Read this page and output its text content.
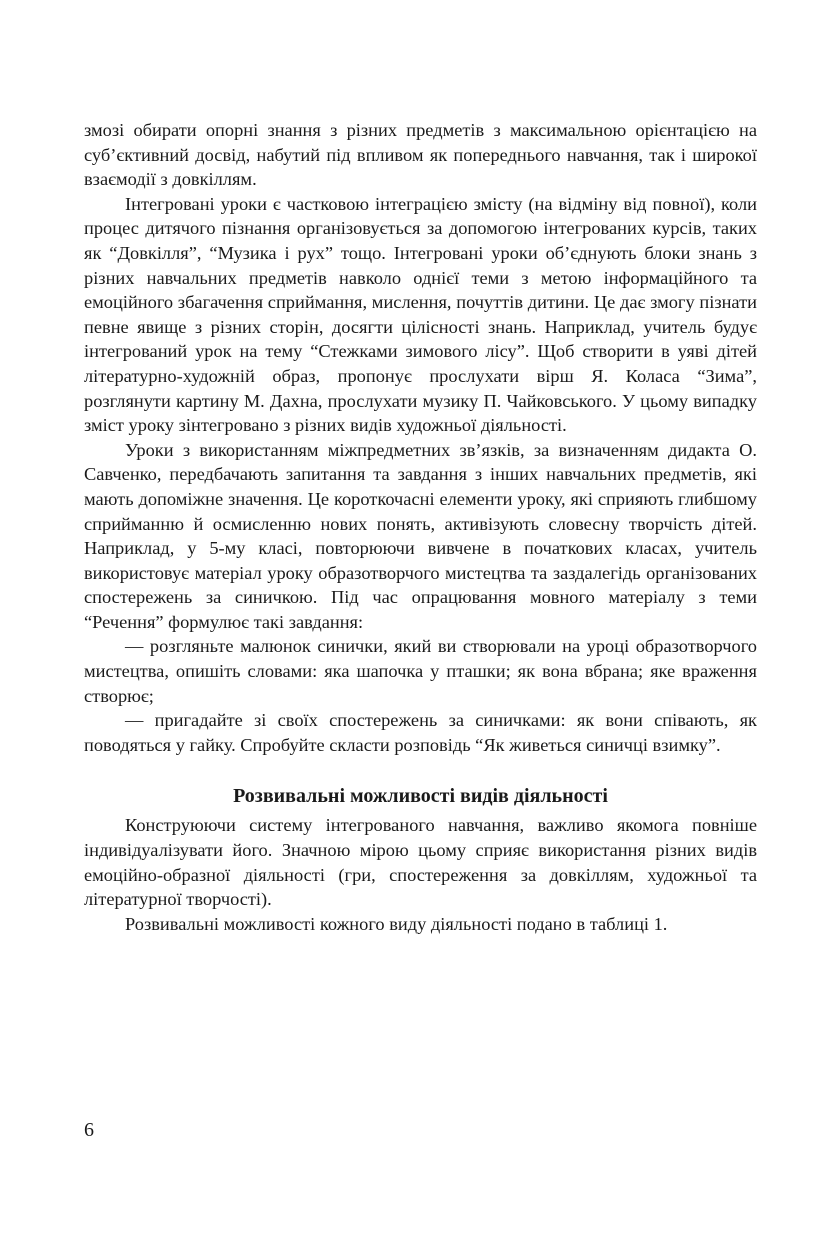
змозі обирати опорні знання з різних предметів з максимальною орієнтацією на суб’єктивний досвід, набутий під впливом як попереднього навчання, так і широкої взаємодії з довкіллям.

Інтегровані уроки є частковою інтеграцією змісту (на відміну від повної), коли процес дитячого пізнання організовується за допомогою інтегрованих курсів, таких як “Довкілля”, “Музика і рух” тощо. Інтегровані уроки об’єднують блоки знань з різних навчальних предметів навколо однієї теми з метою інформаційного та емоційного збагачення сприймання, мислення, почуттів дитини. Це дає змогу пізнати певне явище з різних сторін, досягти цілісності знань. Наприклад, учитель будує інтегрований урок на тему “Стежками зимового лісу”. Щоб створити в уяві дітей літературно-художній образ, пропонує прослухати вірш Я. Коласа “Зима”, розглянути картину М. Дахна, прослухати музику П. Чайковського. У цьому випадку зміст уроку зінтегровано з різних видів художньої діяльності.

Уроки з використанням міжпредметних зв’язків, за визначенням дидакта О. Савченко, передбачають запитання та завдання з інших навчальних предметів, які мають допоміжне значення. Це короткочасні елементи уроку, які сприяють глибшому сприйманню й осмисленню нових понять, активізують словесну творчість дітей. Наприклад, у 5-му класі, повторюючи вивчене в початкових класах, учитель використовує матеріал уроку образотворчого мистецтва та заздалегідь організованих спостережень за синичкою. Під час опрацювання мовного матеріалу з теми “Речення” формулює такі завдання:

— розгляньте малюнок синички, який ви створювали на уроці образотворчого мистецтва, опишіть словами: яка шапочка у пташки; як вона вбрана; яке враження створює;

— пригадайте зі своїх спостережень за синичками: як вони співають, як поводяться у гайку. Спробуйте скласти розповідь “Як живеться синичці взимку”.

Розвивальні можливості видів діяльності

Конструюючи систему інтегрованого навчання, важливо якомога повніше індивідуалізувати його. Значною мірою цьому сприяє використання різних видів емоційно-образної діяльності (гри, спостереження за довкіллям, художньої та літературної творчості).

Розвивальні можливості кожного виду діяльності подано в таблиці 1.

6
